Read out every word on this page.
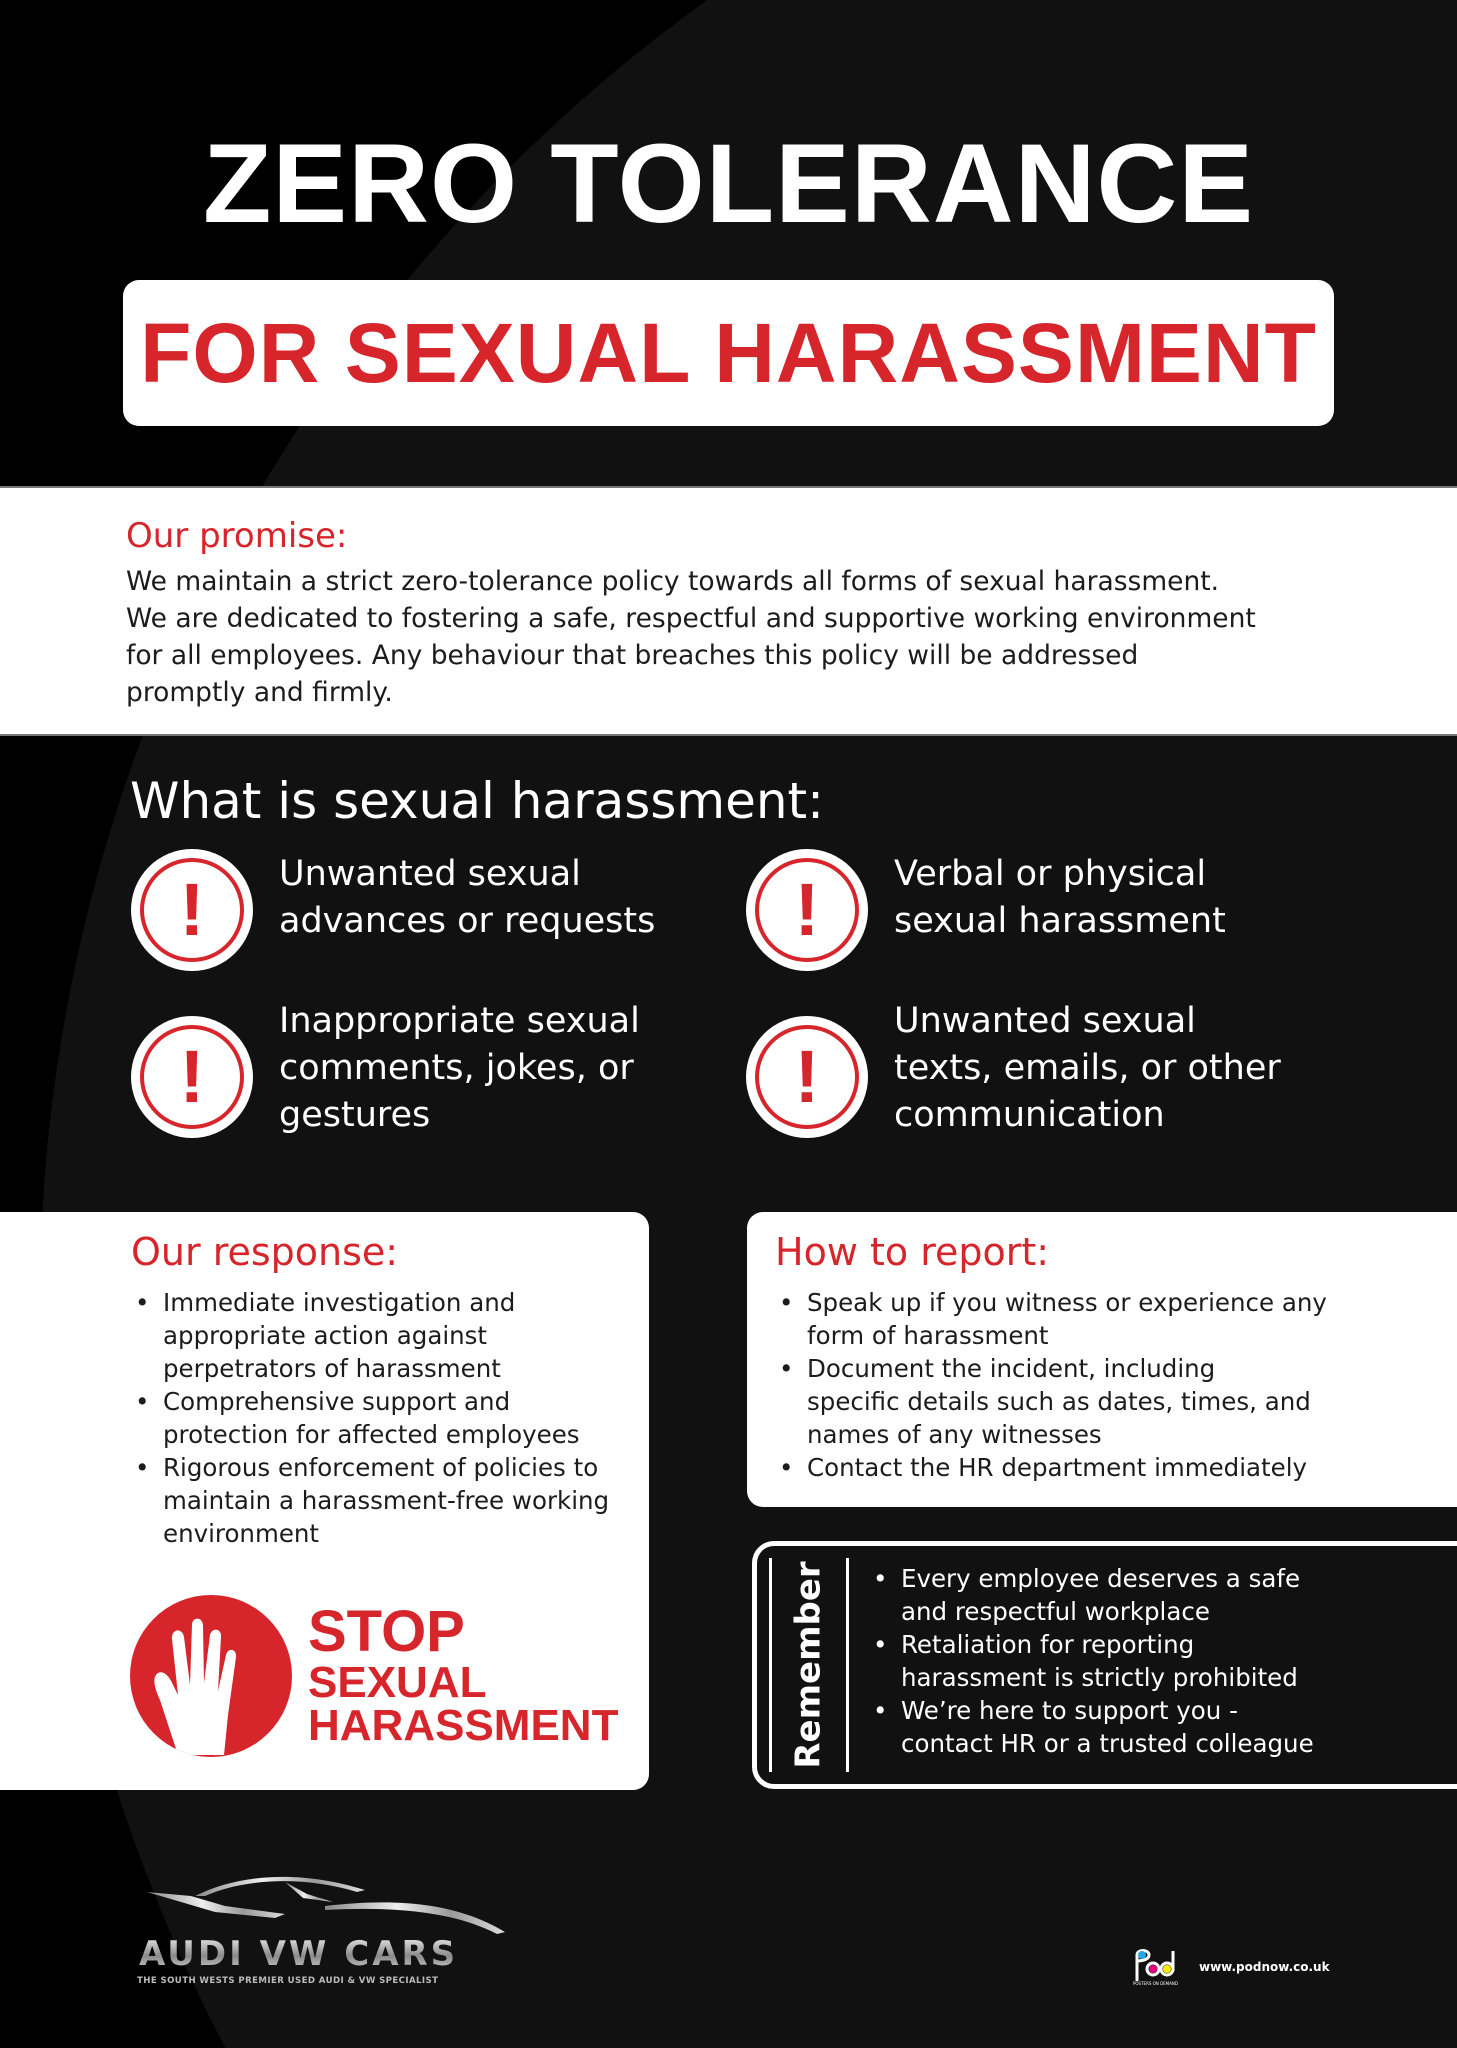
ZERO TOLERANCE
FOR SEXUAL HARASSMENT
Our promise:
We maintain a strict zero-tolerance policy towards all forms of sexual harassment.
We are dedicated to fostering a safe, respectful and supportive working environment
for all employees. Any behaviour that breaches this policy will be addressed
promptly and firmly.
What is sexual harassment:
!	Unwanted sexual
advances or requests	!	Verbal or physical
sexual harassment
!
Inappropriate sexual
comments, jokes, or
gestures	!
Unwanted sexual
texts, emails, or other
communication
Our response:
• Immediate investigation and
appropriate action against
perpetrators of harassment
• Comprehensive support and
protection for affected employees
• Rigorous enforcement of policies to
maintain a harassment-free working
environment
STOP
SEXUAL
HARASSMENT
How to report:
• Speak up if you witness or experience any
form of harassment
• Document the incident, including
specific details such as dates, times, and
names of any witnesses
• Contact the HR department immediately
Remember	• Every employee deserves a safe
and respectful workplace
• Retaliation for reporting
harassment is strictly prohibited
• We’re here to support you -
contact HR or a trusted colleague
AUDI VW CARS
THE SOUTH WESTS PREMIER USED AUDI & VW SPECIALIST	POSTERS ON DEMAND
www.podnow.co.uk
